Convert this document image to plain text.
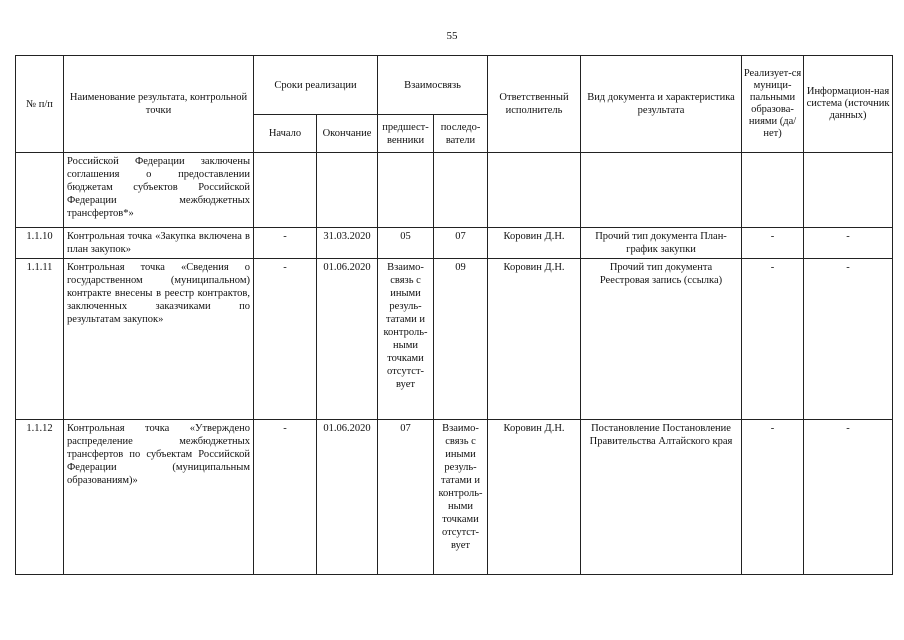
55
№ п/п	Наименование результата, контрольной точки	Сроки реализации		Взаимосвязь		Ответственный исполнитель	Вид документа и характеристика результата	Реализует-ся муници-пальными образова-ниями (да/нет)	Информацион-ная система (источник данных)
		Начало	Окончание	предшест-венники	последо-ватели				
	Российской Федерации заключены соглашения о предоставлении бюджетам субъектов Российской Федерации межбюджетных трансфертов*»								
1.1.10	Контрольная точка «Закупка включена в план закупок»	-	31.03.2020	05	07	Коровин Д.Н.	Прочий тип документа План-график закупки	-	-
1.1.11	Контрольная точка «Сведения о государственном (муниципальном) контракте внесены в реестр контрактов, заключенных заказчиками по результатам закупок»	-	01.06.2020	Взаимо-связь с иными резуль-татами и контроль-ными точками отсутст-вует	09	Коровин Д.Н.	Прочий тип документа Реестровая запись (ссылка)	-	-
1.1.12	Контрольная точка «Утверждено распределение межбюджетных трансфертов по субъектам Российской Федерации (муниципальным образованиям)»	-	01.06.2020	07	Взаимо-связь с иными резуль-татами и контроль-ными точками отсутст-вует	Коровин Д.Н.	Постановление Постановление Правительства Алтайского края	-	-
